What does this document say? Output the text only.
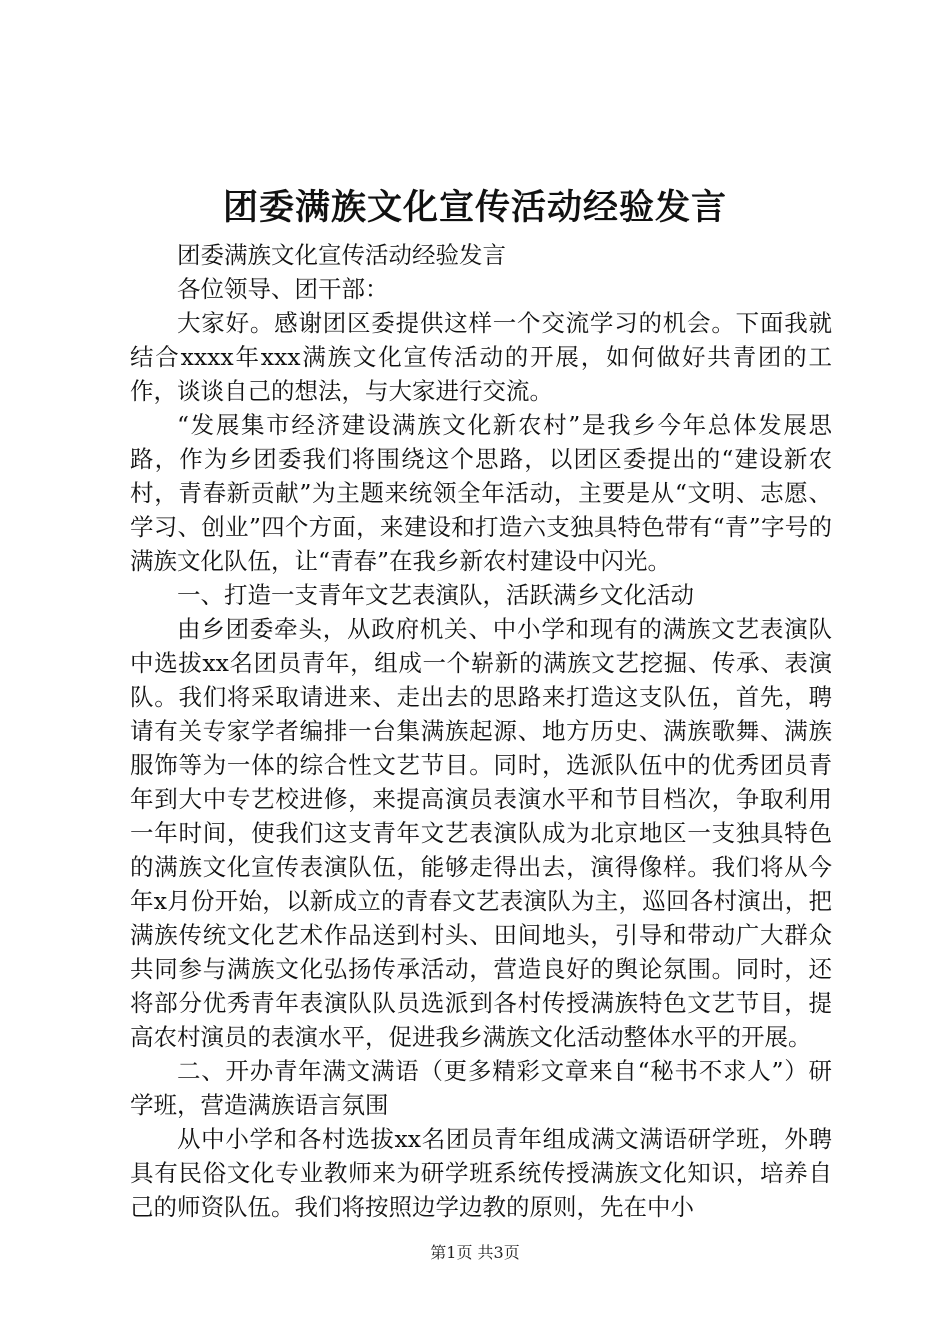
团委满族文化宣传活动经验发言

团委满族文化宣传活动经验发言

各位领导、团干部：

大家好。感谢团区委提供这样一个交流学习的机会。下面我就结合xxxx年xxx满族文化宣传活动的开展，如何做好共青团的工作，谈谈自己的想法，与大家进行交流。

“发展集市经济建设满族文化新农村”是我乡今年总体发展思路，作为乡团委我们将围绕这个思路，以团区委提出的“建设新农村，青春新贡献”为主题来统领全年活动，主要是从“文明、志愿、学习、创业”四个方面，来建设和打造六支独具特色带有“青”字号的满族文化队伍，让“青春”在我乡新农村建设中闪光。

一、打造一支青年文艺表演队，活跃满乡文化活动

由乡团委牵头，从政府机关、中小学和现有的满族文艺表演队中选拔xx名团员青年，组成一个崭新的满族文艺挖掘、传承、表演队。我们将采取请进来、走出去的思路来打造这支队伍，首先，聘请有关专家学者编排一台集满族起源、地方历史、满族歌舞、满族服饰等为一体的综合性文艺节目。同时，选派队伍中的优秀团员青年到大中专艺校进修，来提高演员表演水平和节目档次，争取利用一年时间，使我们这支青年文艺表演队成为北京地区一支独具特色的满族文化宣传表演队伍，能够走得出去，演得像样。我们将从今年x月份开始，以新成立的青春文艺表演队为主，巡回各村演出，把满族传统文化艺术作品送到村头、田间地头，引导和带动广大群众共同参与满族文化弘扬传承活动，营造良好的舆论氛围。同时，还将部分优秀青年表演队队员选派到各村传授满族特色文艺节目，提高农村演员的表演水平，促进我乡满族文化活动整体水平的开展。

二、开办青年满文满语（更多精彩文章来自“秘书不求人”）研学班，营造满族语言氛围

从中小学和各村选拔xx名团员青年组成满文满语研学班，外聘具有民俗文化专业教师来为研学班系统传授满族文化知识，培养自己的师资队伍。我们将按照边学边教的原则，先在中小

第1页 共3页
